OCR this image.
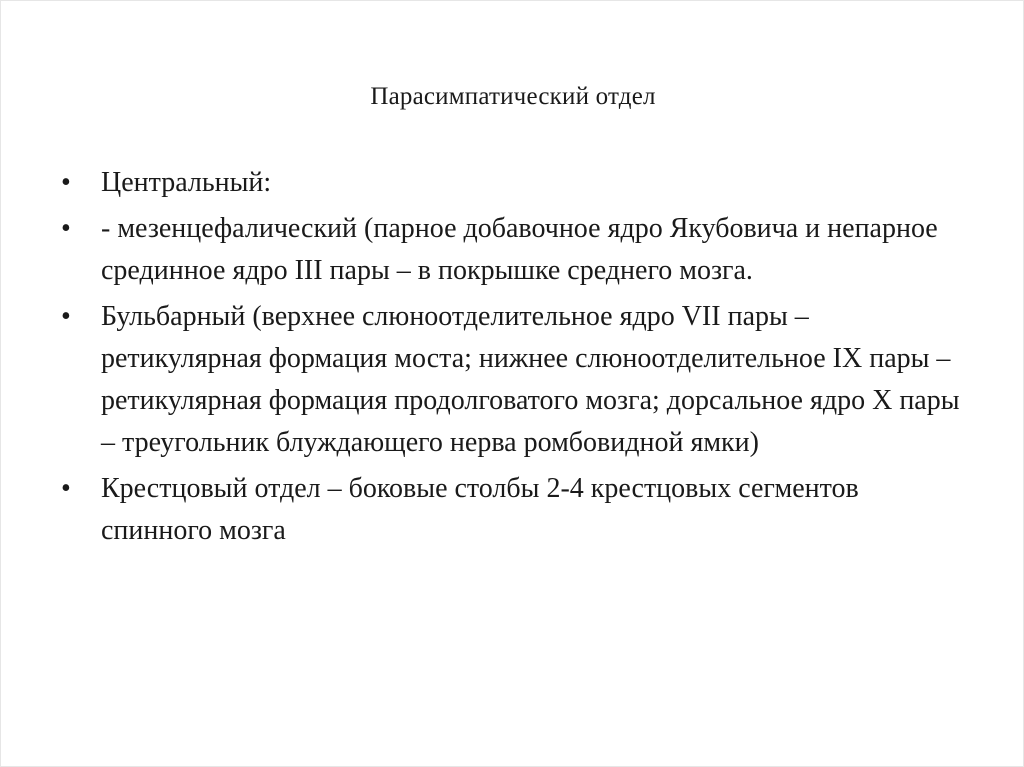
Парасимпатический отдел
•	Центральный:
•	- мезенцефалический (парное добавочное ядро Якубовича и непарное срединное ядро III пары – в покрышке среднего мозга.
•	Бульбарный (верхнее слюноотделительное ядро VII пары – ретикулярная формация моста; нижнее слюноотделительное IX пары – ретикулярная формация продолговатого мозга; дорсальное ядро X пары – треугольник блуждающего нерва ромбовидной ямки)
•	Крестцовый отдел – боковые столбы 2-4 крестцовых сегментов спинного мозга
